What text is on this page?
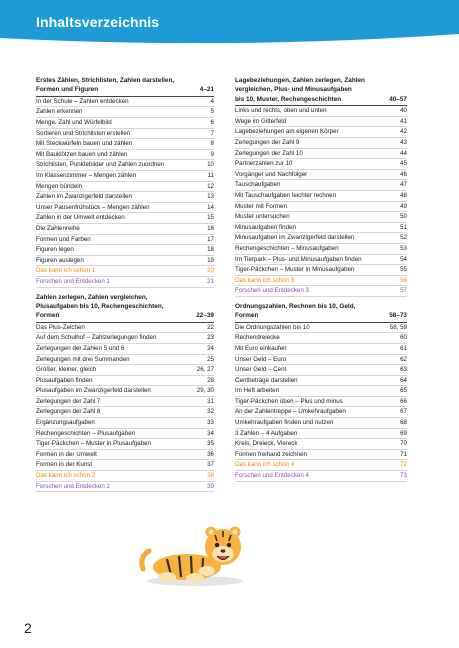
Inhaltsverzeichnis
Erstes Zählen, Strichlisten, Zahlen darstellen,
Formen und Figuren	4–21
In der Schule – Zahlen entdecken	4
Zahlen erkennen	5
Menge, Zahl und Würfelbild	6
Sortieren und Strichlisten erstellen	7
Mit Steckwürfeln bauen und zählen	8
Mit Bauklötzen bauen und zählen	9
Strichlisten, Punktebilder und Zahlen zuordnen	10
Im Klassenzimmer – Mengen zählen	11
Mengen bündeln	12
Zahlen im Zwanzigerfeld darstellen	13
Unser Pausenfrühstück – Mengen zählen	14
Zahlen in der Umwelt entdecken	15
Die Zahlenreihe	16
Formen und Farben	17
Figuren legen	18
Figuren auslegen	19
Das kann ich schon 1	20
Forschen und Entdecken 1	21
Zahlen zerlegen, Zahlen vergleichen,
Plusaufgaben bis 10, Rechengeschichten,
Formen	22–39
Das Plus-Zeichen	22
Auf dem Schulhof – Zahlzerlegungen finden	23
Zerlegungen der Zahlen 5 und 6	24
Zerlegungen mit drei Summanden	25
Größer, kleiner, gleich	26, 27
Plusaufgaben finden	28
Plusaufgaben im Zwanzigerfeld darstellen	29, 30
Zerlegungen der Zahl 7	31
Zerlegungen der Zahl 8	32
Ergänzungsaufgaben	33
Rechengeschichten – Plusaufgaben	34
Tiger-Päckchen – Muster in Plusaufgaben	35
Formen in der Umwelt	36
Formen in der Kunst	37
Das kann ich schon 2	38
Forschen und Entdecken 2	39
Lagebeziehungen, Zahlen zerlegen, Zahlen
vergleichen, Plus- und Minusaufgaben
bis 10, Muster, Rechengeschichten	40–57
Links und rechts, oben und unten	40
Wege im Gitterfeld	41
Lagebeziehungen am eigenen Körper	42
Zerlegungen der Zahl 9	43
Zerlegungen der Zahl 10	44
Partnerzahlen zur 10	45
Vorgänger und Nachfolger	46
Tauschaufgaben	47
Mit Tauschaufgaben leichter rechnen	48
Muster mit Formen	49
Muster untersuchen	50
Minusaufgaben finden	51
Minusaufgaben im Zwanzigerfeld darstellen	52
Rechengeschichten – Minusaufgaben	53
Im Tierpark – Plus- und Minusaufgaben finden	54
Tiger-Päckchen – Muster in Minusaufgaben	55
Das kann ich schon 3	56
Forschen und Entdecken 3	57
Ordnungszahlen, Rechnen bis 10, Geld,
Formen	58–73
Die Ordnungszahlen bis 10	58, 59
Rechendreiecke	60
Mit Euro einkaufen	61
Unser Geld – Euro	62
Unser Geld – Cent	63
Centbeträge darstellen	64
Im Heft arbeiten	65
Tiger-Päckchen üben – Plus und minus	66
An der Zahlentreppe – Umkehraufgaben	67
Umkehraufgaben finden und nutzen	68
3 Zahlen – 4 Aufgaben	69
Kreis, Dreieck, Viereck	70
Formen freihand zeichnen	71
Das kann ich schon 4	72
Forschen und Entdecken 4	73
2
